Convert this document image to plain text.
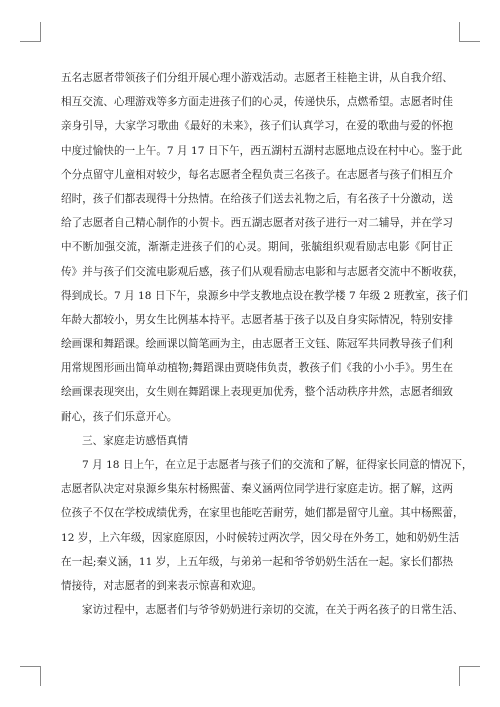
五名志愿者带领孩子们分组开展心理小游戏活动。志愿者王桂艳主讲，从自我介绍、
相互交流、心理游戏等多方面走进孩子们的心灵，传递快乐，点燃希望。志愿者时佳
亲身引导，大家学习歌曲《最好的未来》，孩子们认真学习，在爱的歌曲与爱的怀抱
中度过愉快的一上午。7 月 17 日下午，西五湖村五湖村志愿地点设在村中心。鉴于此
个分点留守儿童相对较少，每名志愿者全程负责三名孩子。在志愿者与孩子们相互介
绍时，孩子们都表现得十分热情。在给孩子们送去礼物之后，有名孩子十分激动，送
给了志愿者自己精心制作的小贺卡。西五湖志愿者对孩子进行一对二辅导，并在学习
中不断加强交流，渐渐走进孩子们的心灵。期间，张毓组织观看励志电影《阿甘正
传》并与孩子们交流电影观后感，孩子们从观看励志电影和与志愿者交流中不断收获，
得到成长。7 月 18 日下午，泉源乡中学支教地点设在教学楼 7 年级 2 班教室，孩子们
年龄大都较小，男女生比例基本持平。志愿者基于孩子以及自身实际情况，特别安排
绘画课和舞蹈课。绘画课以简笔画为主，由志愿者王文钰、陈冠军共同教导孩子们利
用常规图形画出简单动植物;舞蹈课由贾晓伟负责，教孩子们《我的小小手》。男生在
绘画课表现突出，女生则在舞蹈课上表现更加优秀，整个活动秩序井然，志愿者细致
耐心，孩子们乐意开心。
三、家庭走访感悟真情
7 月 18 日上午，在立足于志愿者与孩子们的交流和了解，征得家长同意的情况下，
志愿者队决定对泉源乡集东村杨熙蕾、秦义涵两位同学进行家庭走访。据了解，这两
位孩子不仅在学校成绩优秀，在家里也能吃苦耐劳，她们都是留守儿童。其中杨熙蕾，
12 岁，上六年级，因家庭原因，小时候转过两次学，因父母在外务工，她和奶奶生活
在一起;秦义涵，11 岁，上五年级，与弟弟一起和爷爷奶奶生活在一起。家长们都热
情接待，对志愿者的到来表示惊喜和欢迎。
家访过程中，志愿者们与爷爷奶奶进行亲切的交流，在关于两名孩子的日常生活、
